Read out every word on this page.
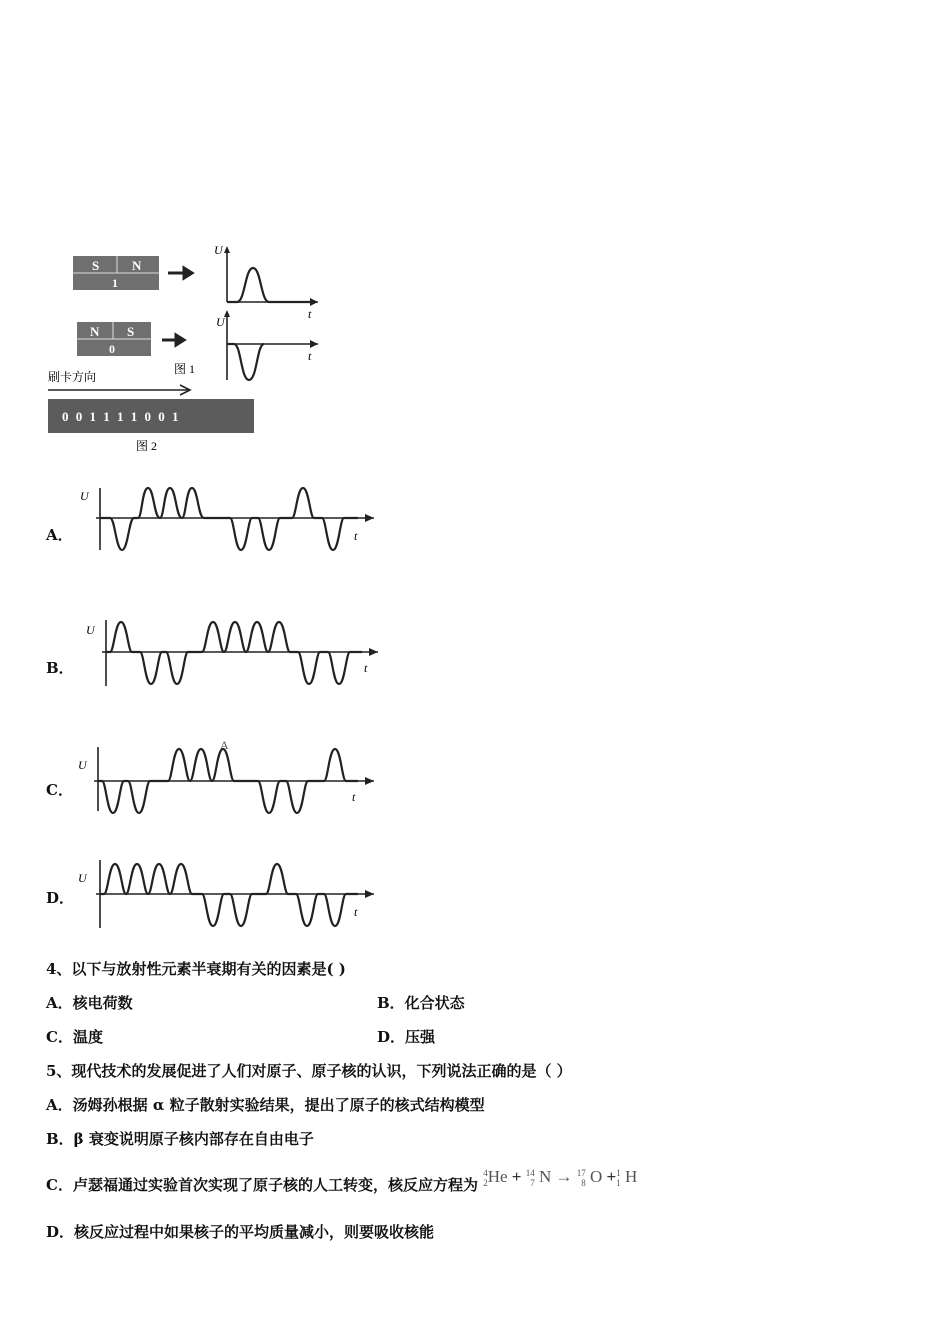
S	N
1
U
t
N S
0
U
t
图 1
刷卡方向
0 0 1 1 1 1 0 0 1
图 2
A．
U
t
B．
U
t
C．
U
t
A
D．
U
t
4、以下与放射性元素半衰期有关的因素是( )
A．核电荷数	B．化合状态
C．温度	D．压强
5、现代技术的发展促进了人们对原子、原子核的认识，下列说法正确的是（ ）
A．汤姆孙根据 α 粒子散射实验结果，提出了原子的核式结构模型
B．β 衰变说明原子核内部存在自由电子
C．卢瑟福通过实验首次实现了原子核的人工转变，核反应方程为 4
2He + 14
7 N → 17
8 O +1
1 H
D．核反应过程中如果核子的平均质量减小，则要吸收核能
